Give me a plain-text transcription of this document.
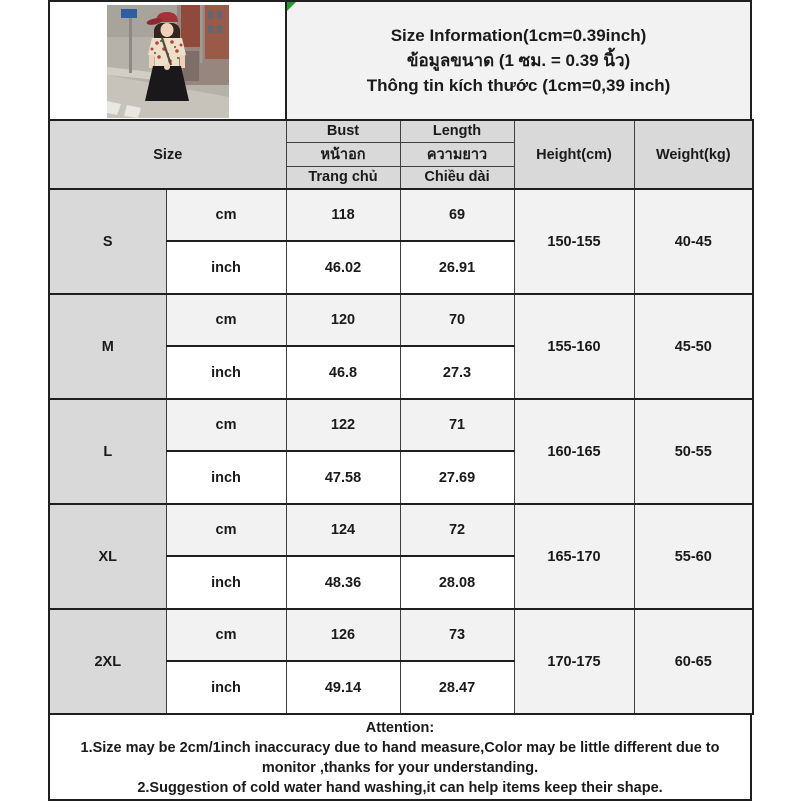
Size Information(1cm=0.39inch)
ข้อมูลขนาด (1 ซม. = 0.39 นิ้ว)
Thông tin kích thước (1cm=0,39 inch)
Size		Bust	Length	Height(cm)	Weight(kg)
		หน้าอก	ความยาว		
		Trang chủ	Chiều dài		
S	cm	118	69	150-155	40-45
	inch	46.02	26.91		
M	cm	120	70	155-160	45-50
	inch	46.8	27.3		
L	cm	122	71	160-165	50-55
	inch	47.58	27.69		
XL	cm	124	72	165-170	55-60
	inch	48.36	28.08		
2XL	cm	126	73	170-175	60-65
	inch	49.14	28.47		
Attention:
1.Size may be 2cm/1inch inaccuracy due to hand measure,Color may be little different due to monitor ,thanks for your understanding.
2.Suggestion of cold water hand washing,it can help items keep their shape.
